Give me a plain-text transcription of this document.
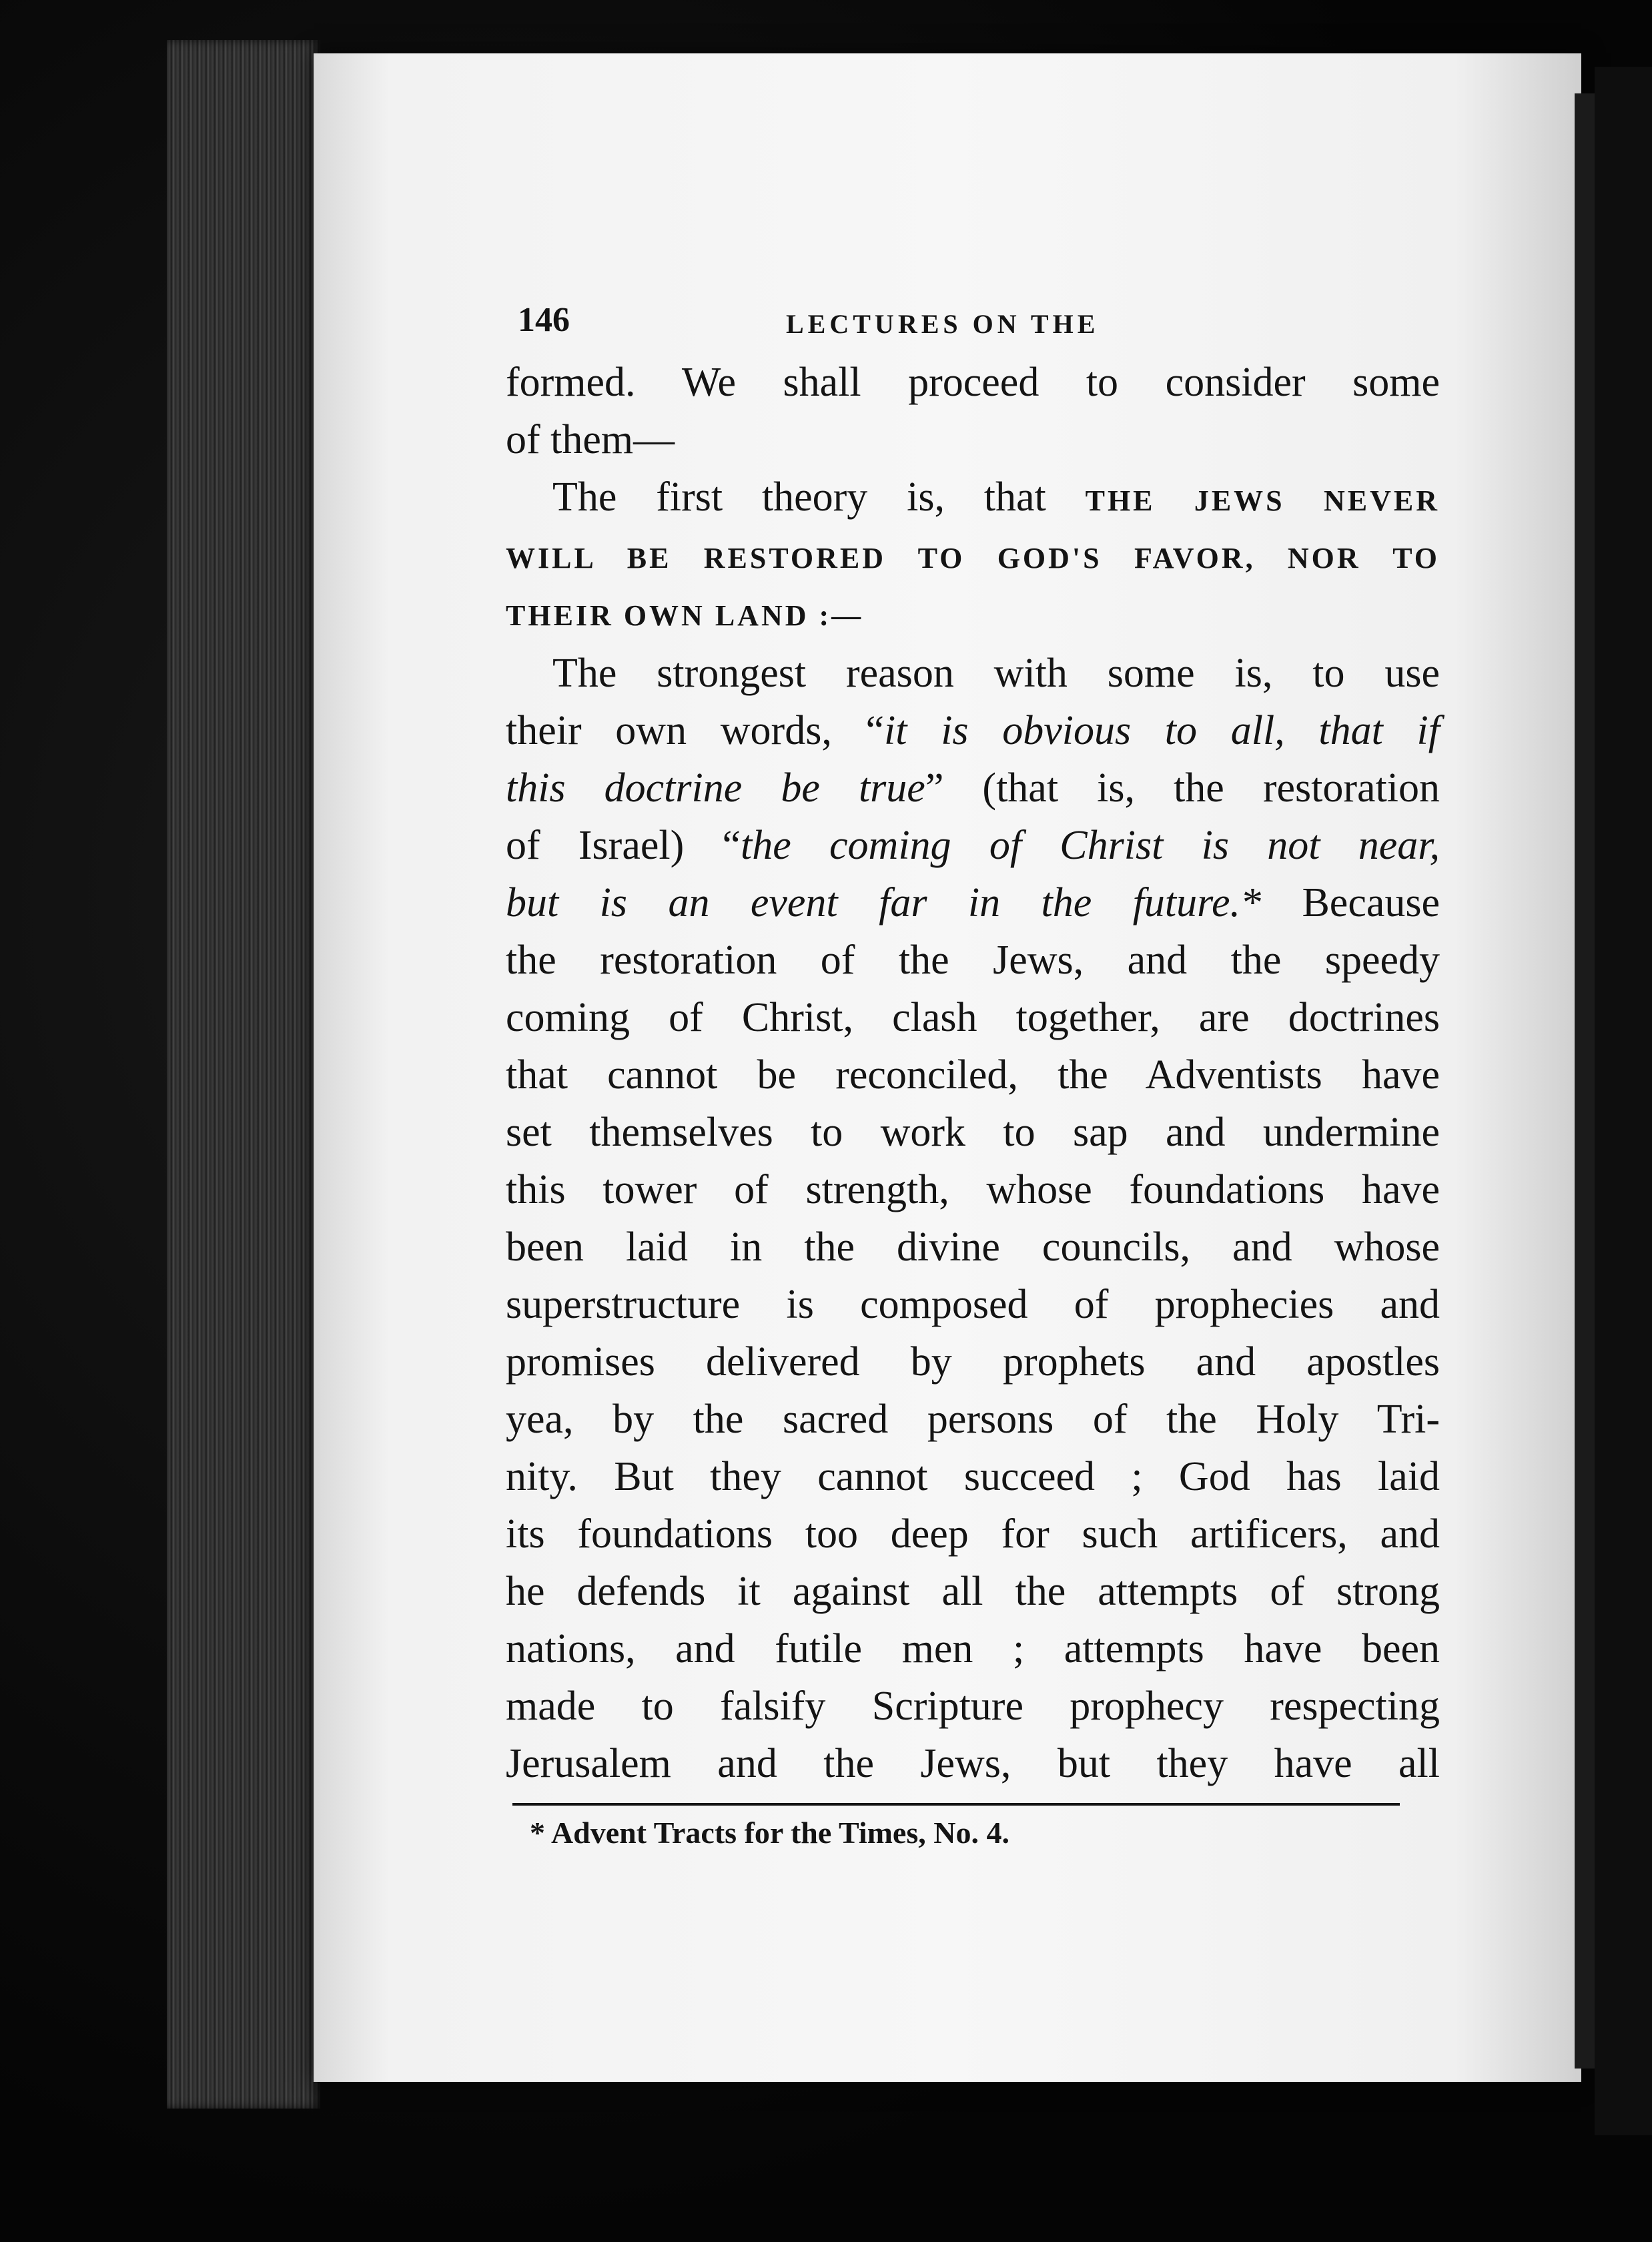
146	LECTURES ON THE
formed. We shall proceed to consider some
of them—
The first theory is, that THE JEWS NEVER
WILL BE RESTORED TO GOD'S FAVOR, NOR TO
THEIR OWN LAND :—
The strongest reason with some is, to use
their own words, “it is obvious to all, that if
this doctrine be true” (that is, the restoration
of Israel) “the coming of Christ is not near,
but is an event far in the future.* Because
the restoration of the Jews, and the speedy
coming of Christ, clash together, are doctrines
that cannot be reconciled, the Adventists have
set themselves to work to sap and undermine
this tower of strength, whose foundations have
been laid in the divine councils, and whose
superstructure is composed of prophecies and
promises delivered by prophets and apostles
yea, by the sacred persons of the Holy Tri-
nity. But they cannot succeed ; God has laid
its foundations too deep for such artificers, and
he defends it against all the attempts of strong
nations, and futile men ; attempts have been
made to falsify Scripture prophecy respecting
Jerusalem and the Jews, but they have all
* Advent Tracts for the Times, No. 4.
